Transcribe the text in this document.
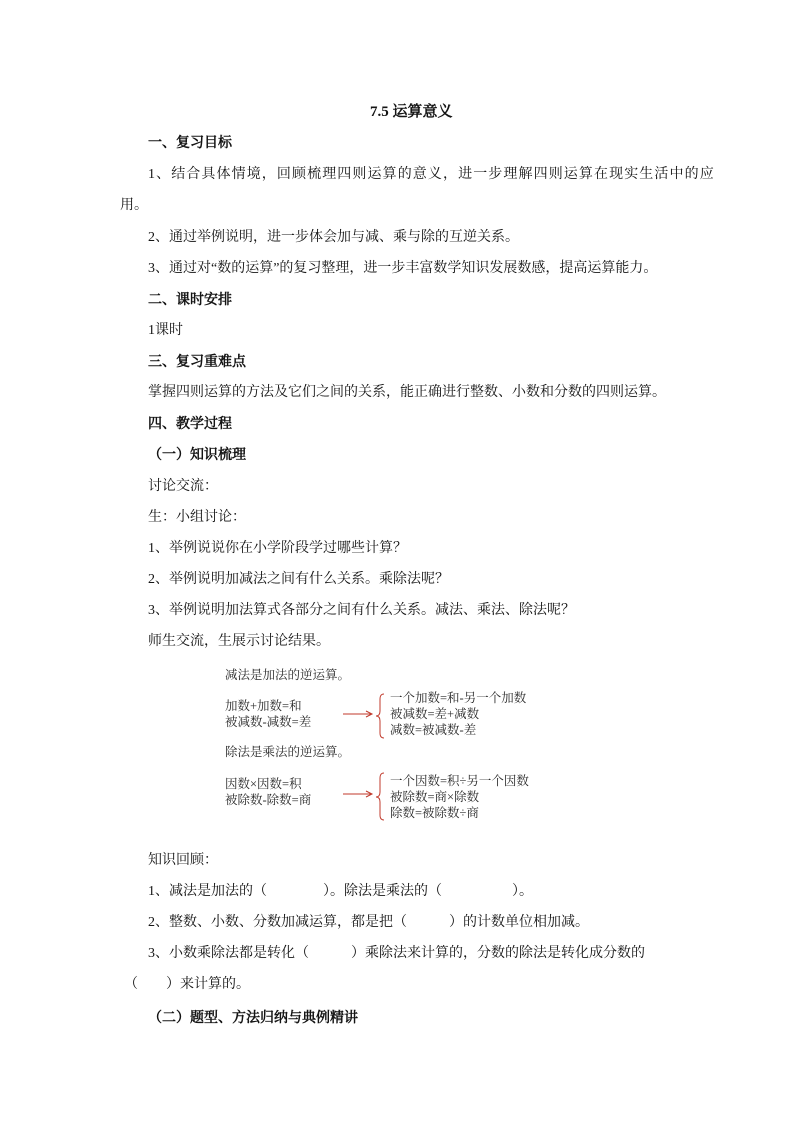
7.5 运算意义
一、复习目标
1、结合具体情境，回顾梳理四则运算的意义，进一步理解四则运算在现实生活中的应
用。
2、通过举例说明，进一步体会加与减、乘与除的互逆关系。
3、通过对“数的运算”的复习整理，进一步丰富数学知识发展数感，提高运算能力。
二、课时安排
1课时
三、复习重难点
掌握四则运算的方法及它们之间的关系，能正确进行整数、小数和分数的四则运算。
四、教学过程
（一）知识梳理
讨论交流：
生：小组讨论：
1、举例说说你在小学阶段学过哪些计算？
2、举例说明加减法之间有什么关系。乘除法呢？
3、举例说明加法算式各部分之间有什么关系。减法、乘法、除法呢？
师生交流，生展示讨论结果。
减法是加法的逆运算。
加数+加数=和
被减数-减数=差
一个加数=和-另一个加数
被减数=差+减数
减数=被减数-差
除法是乘法的逆运算。
因数×因数=积
被除数-除数=商
一个因数=积÷另一个因数
被除数=商×除数
除数=被除数÷商
知识回顾：
1、减法是加法的（　　　　）。除法是乘法的（　　　　　）。
2、整数、小数、分数加减运算，都是把（　　　）的计数单位相加减。
3、小数乘除法都是转化（　　　）乘除法来计算的，分数的除法是转化成分数的
（　　）来计算的。
（二）题型、方法归纳与典例精讲
